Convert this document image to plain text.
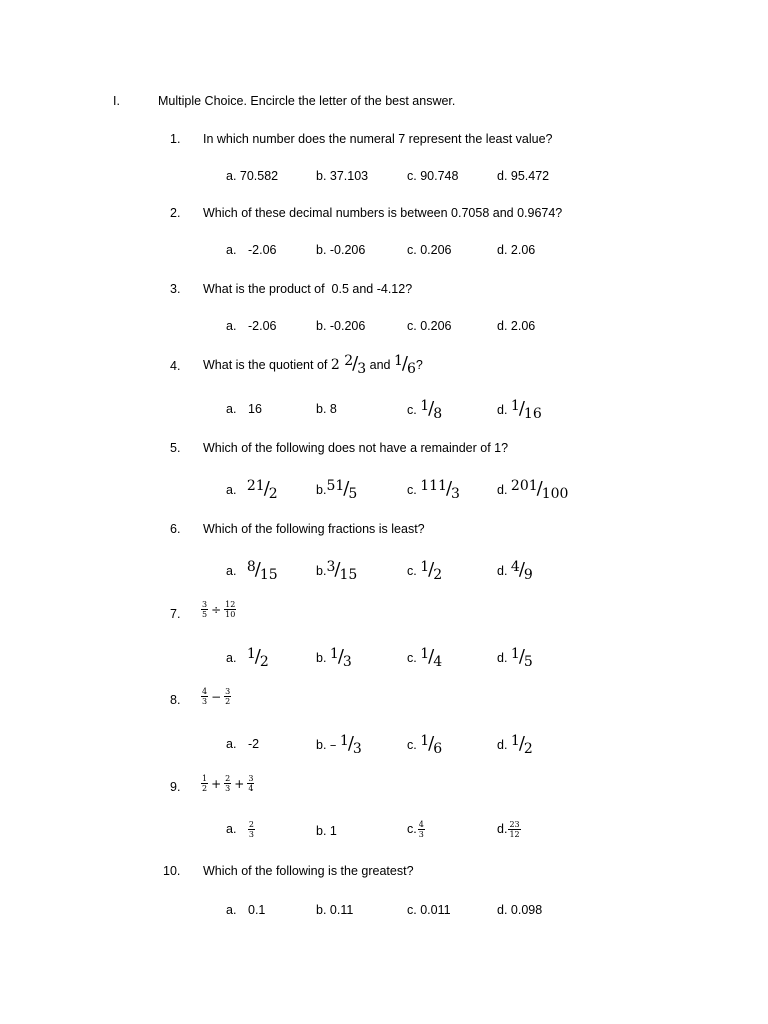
I.	Multiple Choice. Encircle the letter of the best answer.
1. In which number does the numeral 7 represent the least value?
a. 70.582	b. 37.103	c. 90.748	d. 95.472
2. Which of these decimal numbers is between 0.7058 and 0.9674?
a. -2.06	b. -0.206	c. 0.206	d. 2.06
3. What is the product of  0.5 and -4.12?
a. -2.06	b. -0.206	c. 0.206	d. 2.06
4. What is the quotient of 2 2/3 and 1/6?
a. 16	b. 8	c. 1/8	d. 1/16
5. Which of the following does not have a remainder of 1?
a. 21/2	b.51/5	c. 111/3	d. 201/100
6. Which of the following fractions is least?
a. 8/15	b.3/15	c. 1/2	d. 4/9
7.	$\frac{3}{5} \div \frac{12}{10}$
a. 1/2	b. 1/3	c. 1/4	d. 1/5
8.	$\frac{4}{3} - \frac{3}{2}$
a. -2	b. – 1/3	c. 1/6	d. 1/2
9.	$\frac{1}{2} + \frac{2}{3} + \frac{3}{4}$
a. $\frac{2}{3}$	b. 1	c. $\frac{4}{3}$	d. $\frac{23}{12}$
10. Which of the following is the greatest?
a. 0.1	b. 0.11	c. 0.011	d. 0.098
